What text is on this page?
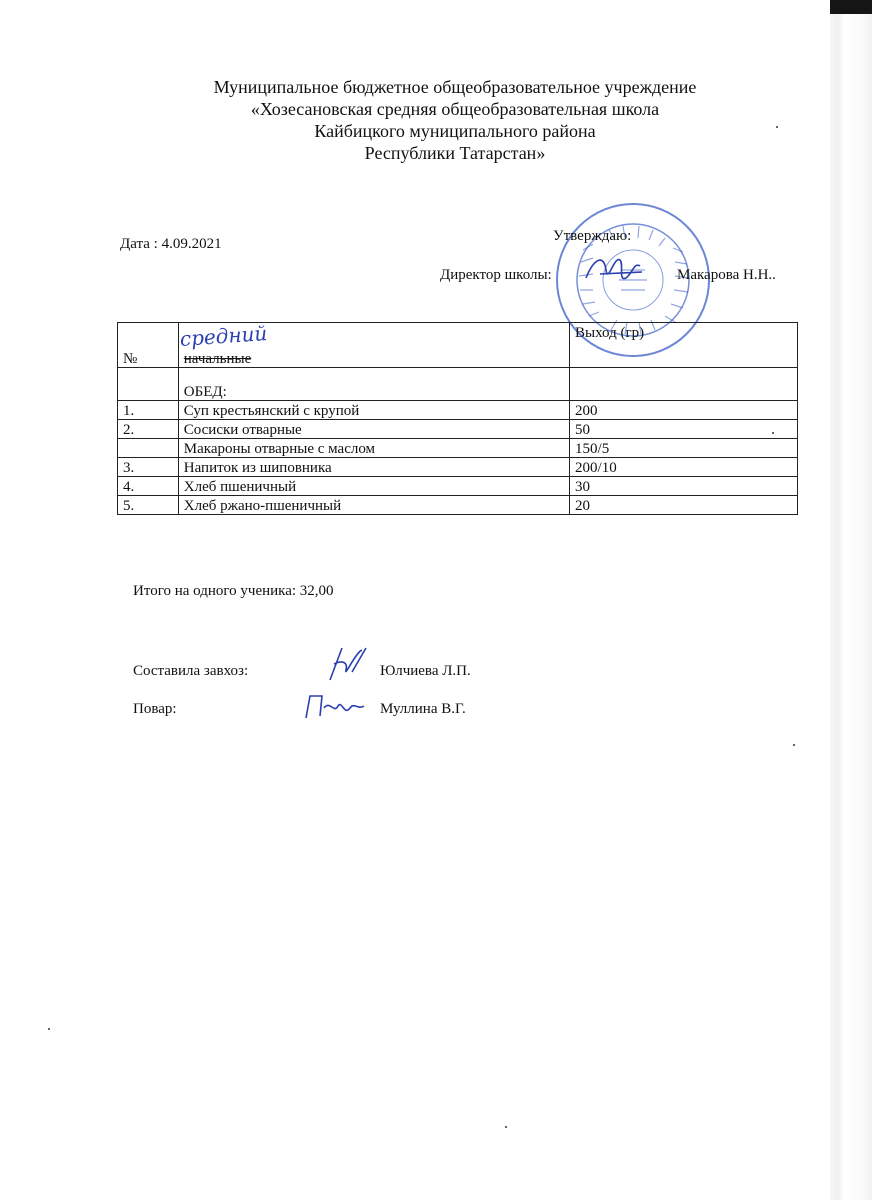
Муниципальное бюджетное общеобразовательное учреждение
«Хозесановская средняя общеобразовательная школа
Кайбицкого муниципального района
Республики Татарстан»
Дата : 4.09.2021	Утверждаю:
Директор школы:	Макарова Н.Н..
№	начальные	Выход (гр)
	ОБЕД:	
1.	Суп крестьянский с крупой	200
2.	Сосиски отварные	50
	Макароны отварные с маслом	150/5
3.	Напиток из шиповника	200/10
4.	Хлеб пшеничный	30
5.	Хлеб ржано-пшеничный	20
средний
Итого на одного ученика: 32,00
Составила завхоз:	Юлчиева Л.П.
Повар:	Муллина В.Г.
